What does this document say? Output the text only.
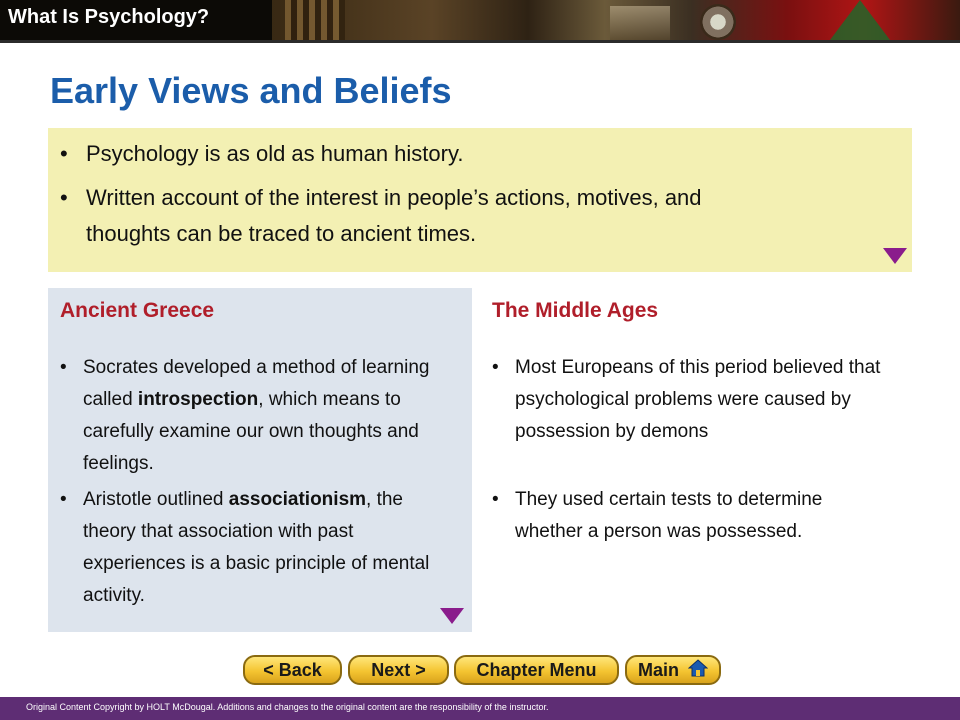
What Is Psychology?
Early Views and Beliefs
• Psychology is as old as human history.
• Written account of the interest in people’s actions, motives, and
thoughts can be traced to ancient times.
Ancient Greece
• Socrates developed a method of learning called introspection, which means to carefully examine our own thoughts and feelings.
• Aristotle outlined associationism, the theory that association with past experiences is a basic principle of mental activity.
The Middle Ages
• Most Europeans of this period believed that psychological problems were caused by possession by demons
• They used certain tests to determine whether a person was possessed.
< Back	Next >	Chapter Menu	Main
Original Content Copyright by HOLT McDougal. Additions and changes to the original content are the responsibility of the instructor.
